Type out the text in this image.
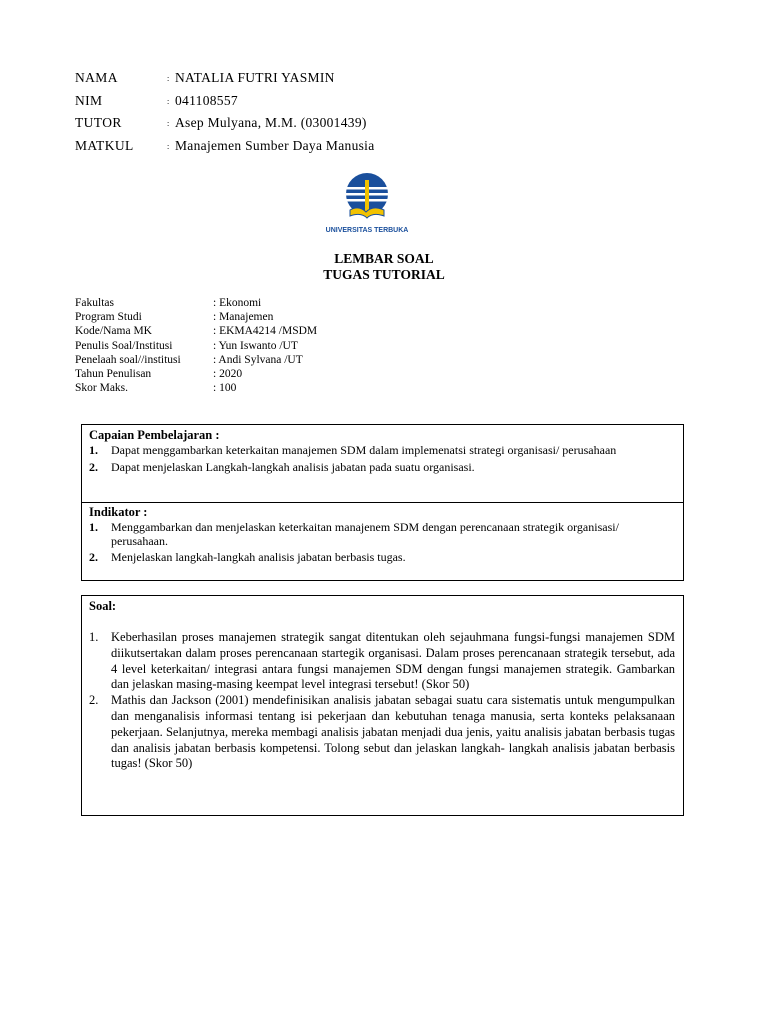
NAMA	: NATALIA FUTRI YASMIN
NIM	: 041108557
TUTOR	: Asep Mulyana, M.M. (03001439)
MATKUL	: Manajemen Sumber Daya Manusia
UNIVERSITAS TERBUKA
LEMBAR SOAL
TUGAS TUTORIAL
Fakultas	: Ekonomi
Program Studi	: Manajemen
Kode/Nama MK	: EKMA4214 /MSDM
Penulis Soal/Institusi	: Yun Iswanto /UT
Penelaah soal//institusi	: Andi Sylvana /UT
Tahun Penulisan	: 2020
Skor Maks.	: 100
Capaian Pembelajaran :
1.	Dapat menggambarkan keterkaitan manajemen SDM dalam implemenatsi strategi organisasi/ perusahaan
2.	Dapat menjelaskan Langkah-langkah analisis jabatan pada suatu organisasi.
Indikator :
1.	Menggambarkan dan menjelaskan keterkaitan manajenem SDM dengan perencanaan strategik organisasi/ perusahaan.
2.	Menjelaskan langkah-langkah analisis jabatan berbasis tugas.
Soal:
1.	Keberhasilan proses manajemen strategik sangat ditentukan oleh sejauhmana fungsi-fungsi manajemen SDM diikutsertakan dalam proses perencanaan startegik organisasi. Dalam proses perencanaan strategik tersebut, ada 4 level keterkaitan/ integrasi antara fungsi manajemen SDM dengan fungsi manajemen strategik. Gambarkan dan jelaskan masing-masing keempat level integrasi tersebut! (Skor 50)
2.	Mathis dan Jackson (2001) mendefinisikan analisis jabatan sebagai suatu cara sistematis untuk mengumpulkan dan menganalisis informasi tentang isi pekerjaan dan kebutuhan tenaga manusia, serta konteks pelaksanaan pekerjaan. Selanjutnya, mereka membagi analisis jabatan menjadi dua jenis, yaitu analisis jabatan berbasis tugas dan analisis jabatan berbasis kompetensi. Tolong sebut dan jelaskan langkah- langkah analisis jabatan berbasis tugas! (Skor 50)
